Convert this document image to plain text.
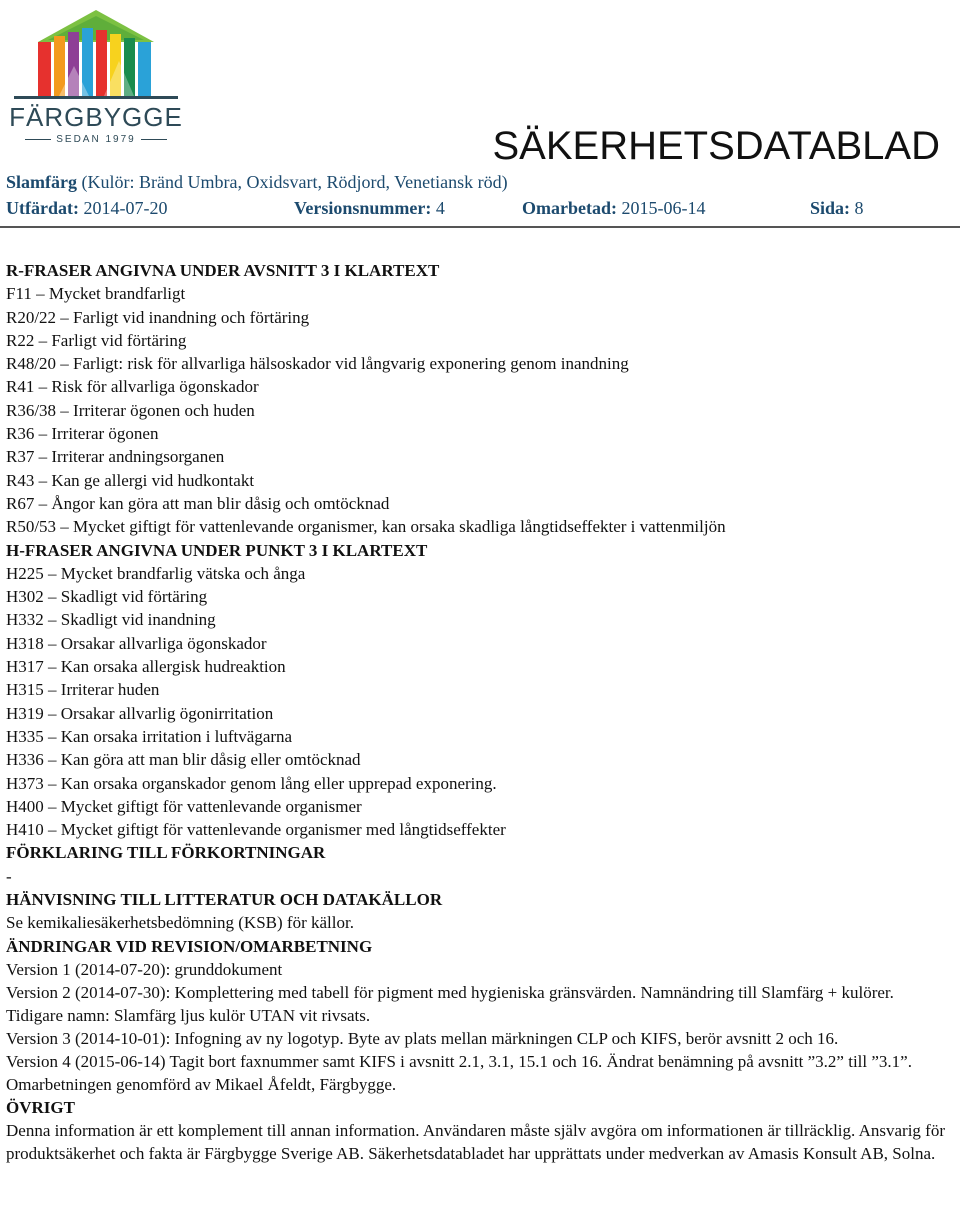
FÄRGBYGGE
SEDAN 1979	SÄKERHETSDATABLAD
Slamfärg (Kulör: Bränd Umbra, Oxidsvart, Rödjord, Venetiansk röd)
Utfärdat: 2014-07-20	Versionsnummer: 4	Omarbetad: 2015-06-14	Sida: 8

R-FRASER ANGIVNA UNDER AVSNITT 3 I KLARTEXT

F11 – Mycket brandfarligt

R20/22 – Farligt vid inandning och förtäring

R22 – Farligt vid förtäring

R48/20 – Farligt: risk för allvarliga hälsoskador vid långvarig exponering genom inandning

R41 – Risk för allvarliga ögonskador

R36/38 – Irriterar ögonen och huden

R36 – Irriterar ögonen

R37 – Irriterar andningsorganen

R43 – Kan ge allergi vid hudkontakt

R67 – Ångor kan göra att man blir dåsig och omtöcknad

R50/53 – Mycket giftigt för vattenlevande organismer, kan orsaka skadliga långtidseffekter i vattenmiljön

H-FRASER ANGIVNA UNDER PUNKT 3 I KLARTEXT

H225 – Mycket brandfarlig vätska och ånga

H302 – Skadligt vid förtäring

H332 – Skadligt vid inandning

H318 – Orsakar allvarliga ögonskador

H317 – Kan orsaka allergisk hudreaktion

H315 – Irriterar huden

H319 – Orsakar allvarlig ögonirritation

H335 – Kan orsaka irritation i luftvägarna

H336 – Kan göra att man blir dåsig eller omtöcknad

H373 – Kan orsaka organskador genom lång eller upprepad exponering.

H400 – Mycket giftigt för vattenlevande organismer

H410 – Mycket giftigt för vattenlevande organismer med långtidseffekter

FÖRKLARING TILL FÖRKORTNINGAR

-

HÄNVISNING TILL LITTERATUR OCH DATAKÄLLOR

Se kemikaliesäkerhetsbedömning (KSB) för källor.

ÄNDRINGAR VID REVISION/OMARBETNING

Version 1 (2014-07-20): grunddokument

Version 2 (2014-07-30): Komplettering med tabell för pigment med hygieniska gränsvärden. Namnändring till Slamfärg + kulörer. Tidigare namn: Slamfärg ljus kulör UTAN vit rivsats.

Version 3 (2014-10-01): Infogning av ny logotyp. Byte av plats mellan märkningen CLP och KIFS, berör avsnitt 2 och 16.

Version 4 (2015-06-14) Tagit bort faxnummer samt KIFS i avsnitt 2.1, 3.1, 15.1 och 16. Ändrat benämning på avsnitt ”3.2” till ”3.1”. Omarbetningen genomförd av Mikael Åfeldt, Färgbygge.

ÖVRIGT

Denna information är ett komplement till annan information. Användaren måste själv avgöra om informationen är tillräcklig. Ansvarig för produktsäkerhet och fakta är Färgbygge Sverige AB. Säkerhetsdatabladet har upprättats under medverkan av Amasis Konsult AB, Solna.
